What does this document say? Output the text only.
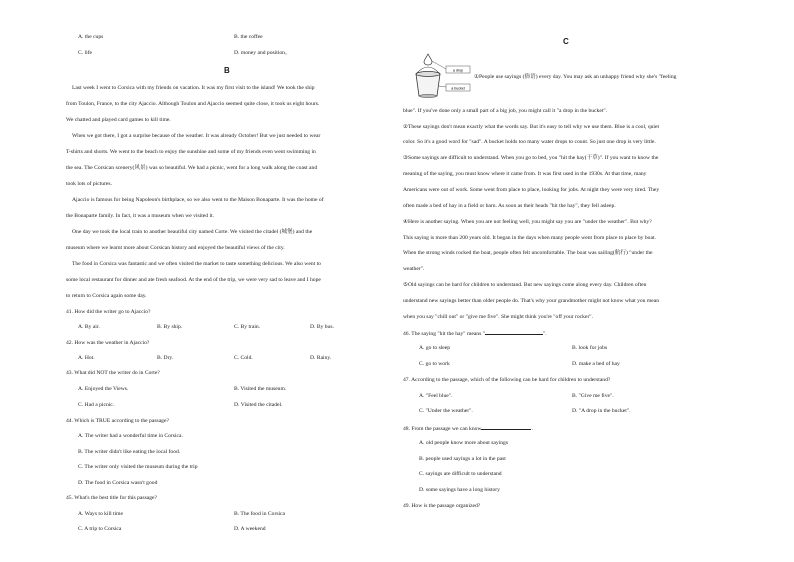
A. the cups	B. the coffee
C. life	D. money and position。
B

Last week I went to Corsica with my friends on vacation. It was my first visit to the island! We took the ship

from Toulon, France, to the city Ajaccio. Although Toulon and Ajaccio seemed quite close, it took us eight hours.

We chatted and played card games to kill time.

When we got there, I got a surprise because of the weather. It was already October! But we just needed to wear

T-shirts and shorts. We went to the beach to enjoy the sunshine and some of my friends even went swimming in

the sea. The Corsican scenery(风景) was so beautiful. We had a picnic, went for a long walk along the coast and

took lots of pictures.

Ajaccio is famous for being Napoleon's birthplace, so we also went to the Maison Bonaparte. It was the home of

the Bonaparte family. In fact, it was a museum when we visited it.

One day we took the local train to another beautiful city named Corte. We visited the citadel (城堡) and the

museum where we learnt more about Corsican history and enjoyed the beautiful views of the city.

The food in Corsica was fantastic and we often visited the market to taste something delicious. We also went to

some local restaurant for dinner and ate fresh seafood. At the end of the trip, we were very sad to leave and I hope

to return to Corsica again some day.

41. How did the writer go to Ajaccio?

A. By air.	B. By ship.	C. By train.	D. By bus.

42. How was the weather in Ajaccio?

A. Hot.	B. Dry.	C. Cold.	D. Rainy.

43. What did NOT the writer do in Corte?

A. Enjoyed the Views.	B. Visited the museum.

C. Had a picnic.	D. Visited the citadel.

44. Which is TRUE according to the passage?

A. The writer had a wonderful time in Corsica.

B. The writer didn't like eating the local food.

C. The writer only visited the museum during the trip

D. The food in Corsica wasn't good

45. What's the best title for this passage?

A. Ways to kill time	B. The food in Corsica

C. A trip to Corsica	D. A weekend

C
a drop
a bucket

①People use sayings (俗语) every day. You may ask an unhappy friend why she's "feeling

blue". If you've done only a small part of a big job, you might call it "a drop in the bucket".

②These sayings don't mean exactly what the words say. But it's easy to tell why we use them. Blue is a cool, quiet

color. So it's a good word for "sad". A bucket holds too many water drops to count. So just one drop is very little.

③Some sayings are difficult to understand. When you go to bed, you "hit the hay(干草)". If you want to know the

meaning of the saying, you must know where it came from. It was first used in the 1930s. At that time, many

Americans were out of work. Some went from place to place, looking for jobs. At night they were very tired. They

often made a bed of hay in a field or barn. As soon as their heads "hit the hay", they fell asleep.

④Here is another saying. When you are not feeling well, you might say you are "under the weather". But why?

This saying is more than 200 years old. It began in the days when many people went from place to place by boat.

When the strong winds rocked the boat, people often felt uncomfortable. The boat was sailing(航行) "under the

weather".

⑤Old sayings can be hard for children to understand. But new sayings come along every day. Children often

understand new sayings better than older people do. That's why your grandmother might not know what you mean

when you say "chill out" or "give me five". She might think you're "off your rocker".

46. The saying "hit the hay" means "	".

A. go to sleep	B. look for jobs

C. go to work	D. make a bed of hay

47. According to the passage, which of the following can be hard for children to understand?

A. "Feel blue".	B. "Give me five".

C. "Under the weather".	D. "A drop in the bucket".

48. From the passage we can know	.

A. old people know more about sayings

B. people used sayings a lot in the past

C. sayings are difficult to understand

D. some sayings have a long history

49. How is the passage organized?
